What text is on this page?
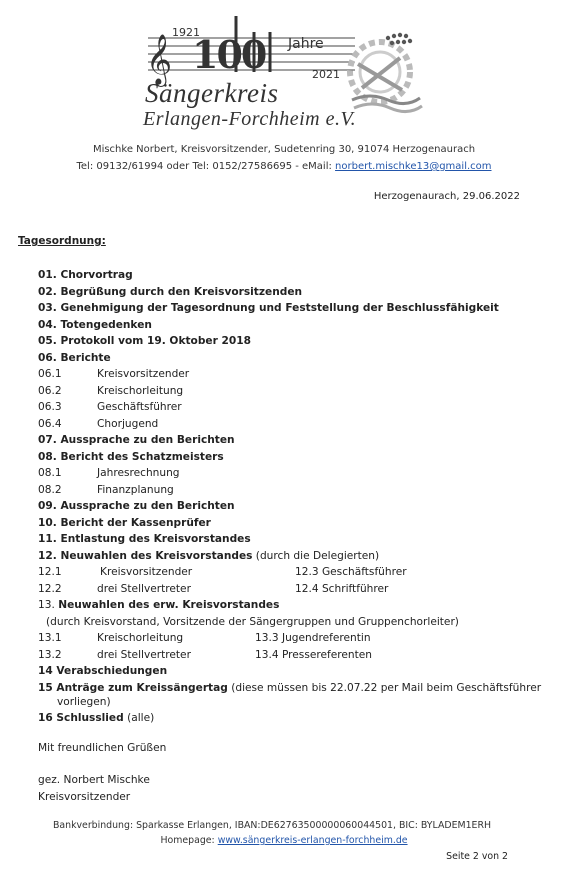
𝄞
1921
100 Jahre
2021
Sängerkreis
Erlangen-Forchheim e.V.
Mischke Norbert, Kreisvorsitzender, Sudetenring 30, 91074 Herzogenaurach
Tel: 09132/61994 oder Tel: 0152/27586695 - eMail: norbert.mischke13@gmail.com
Herzogenaurach, 29.06.2022
Tagesordnung:
01. Chorvortrag
02. Begrüßung durch den Kreisvorsitzenden
03. Genehmigung der Tagesordnung und Feststellung der Beschlussfähigkeit
04. Totengedenken
05. Protokoll vom 19. Oktober 2018
06. Berichte
06.1	Kreisvorsitzender
06.2	Kreischorleitung
06.3	Geschäftsführer
06.4	Chorjugend
07. Aussprache zu den Berichten
08. Bericht des Schatzmeisters
08.1	Jahresrechnung
08.2	Finanzplanung
09. Aussprache zu den Berichten
10. Bericht der Kassenprüfer
11. Entlastung des Kreisvorstandes
12. Neuwahlen des Kreisvorstandes (durch die Delegierten)
12.1	Kreisvorsitzender	12.3 Geschäftsführer
12.2	drei Stellvertreter	12.4 Schriftführer
13. Neuwahlen des erw. Kreisvorstandes
(durch Kreisvorstand, Vorsitzende der Sängergruppen und Gruppenchorleiter)
13.1	Kreischorleitung	13.3 Jugendreferentin
13.2	drei Stellvertreter	13.4 Pressereferenten
14 Verabschiedungen
15 Anträge zum Kreissängertag (diese müssen bis 22.07.22 per Mail beim Geschäftsführer
vorliegen)
16 Schlusslied (alle)
Mit freundlichen Grüßen
gez. Norbert Mischke
Kreisvorsitzender
Bankverbindung: Sparkasse Erlangen, IBAN:DE62763500000060044501, BIC: BYLADEM1ERH
Homepage: www.sängerkreis-erlangen-forchheim.de
Seite 2 von 2
